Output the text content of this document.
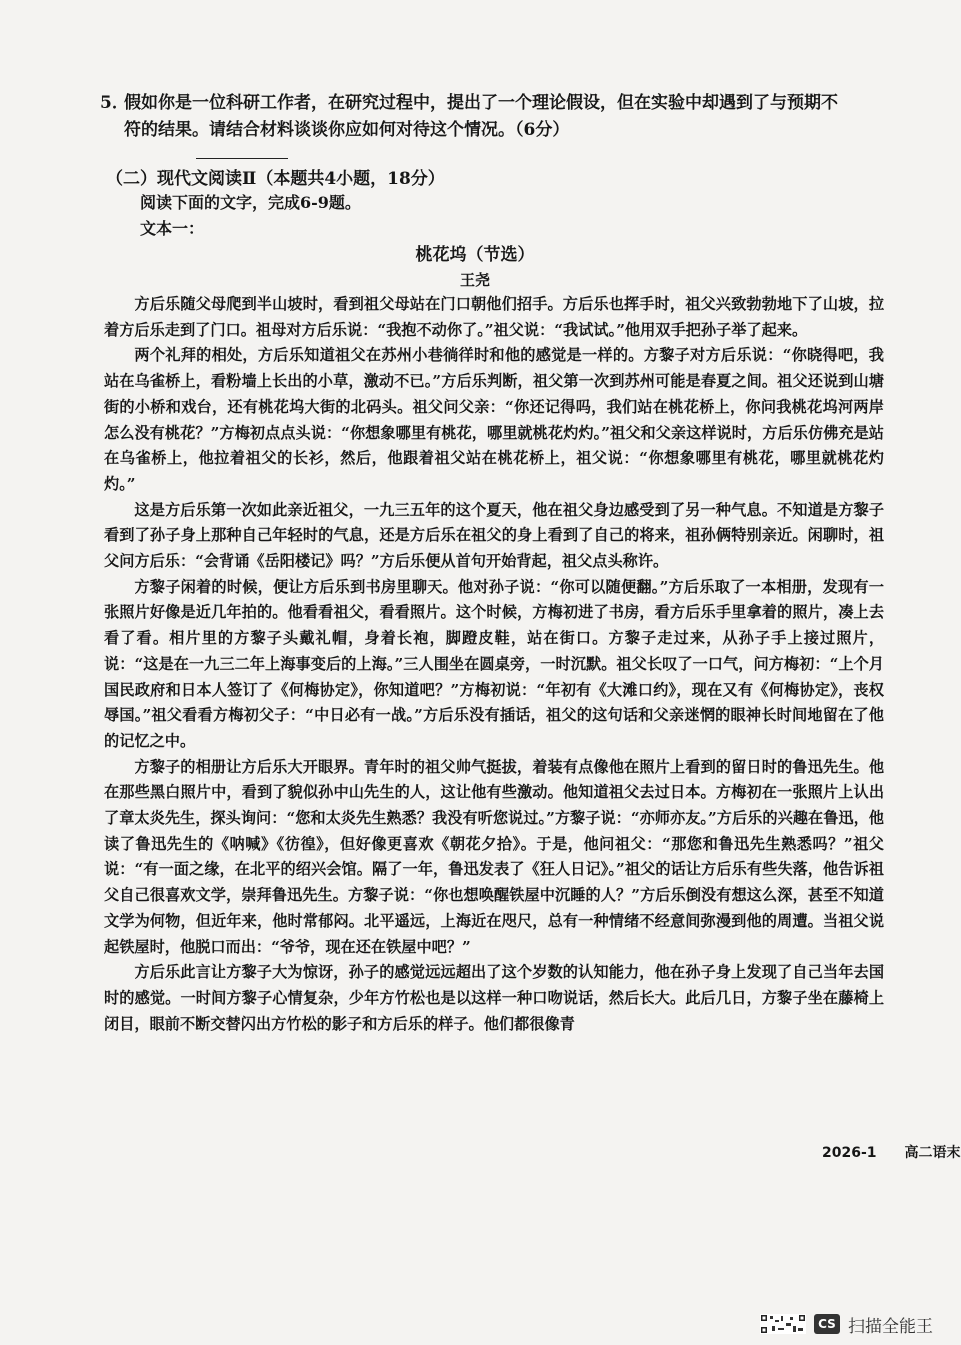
5．假如你是一位科研工作者，在研究过程中，提出了一个理论假设，但在实验中却遇到了与预期不
符的结果。请结合材料谈谈你应如何对待这个情况。（6分）
（二）现代文阅读Ⅱ（本题共4小题，18分）
阅读下面的文字，完成6-9题。
文本一：
桃花坞（节选）
王尧

方后乐随父母爬到半山坡时，看到祖父母站在门口朝他们招手。方后乐也挥手时，祖父兴致勃勃地下了山坡，拉着方后乐走到了门口。祖母对方后乐说：“我抱不动你了。”祖父说：“我试试。”他用双手把孙子举了起来。

两个礼拜的相处，方后乐知道祖父在苏州小巷徜徉时和他的感觉是一样的。方黎子对方后乐说：“你晓得吧，我站在乌雀桥上，看粉墙上长出的小草，激动不已。”方后乐判断，祖父第一次到苏州可能是春夏之间。祖父还说到山塘街的小桥和戏台，还有桃花坞大街的北码头。祖父问父亲：“你还记得吗，我们站在桃花桥上，你问我桃花坞河两岸怎么没有桃花？”方梅初点点头说：“你想象哪里有桃花，哪里就桃花灼灼。”祖父和父亲这样说时，方后乐仿佛充是站在乌雀桥上，他拉着祖父的长衫，然后，他跟着祖父站在桃花桥上，祖父说：“你想象哪里有桃花，哪里就桃花灼灼。”

这是方后乐第一次如此亲近祖父，一九三五年的这个夏天，他在祖父身边感受到了另一种气息。不知道是方黎子看到了孙子身上那种自己年轻时的气息，还是方后乐在祖父的身上看到了自己的将来，祖孙俩特别亲近。闲聊时，祖父问方后乐：“会背诵《岳阳楼记》吗？”方后乐便从首句开始背起，祖父点头称许。

方黎子闲着的时候，便让方后乐到书房里聊天。他对孙子说：“你可以随便翻。”方后乐取了一本相册，发现有一张照片好像是近几年拍的。他看看祖父，看看照片。这个时候，方梅初进了书房，看方后乐手里拿着的照片，凑上去看了看。相片里的方黎子头戴礼帽，身着长袍，脚蹬皮鞋，站在街口。方黎子走过来，从孙子手上接过照片，说：“这是在一九三二年上海事变后的上海。”三人围坐在圆桌旁，一时沉默。祖父长叹了一口气，问方梅初：“上个月国民政府和日本人签订了《何梅协定》，你知道吧？”方梅初说：“年初有《大滩口约》，现在又有《何梅协定》，丧权辱国。”祖父看看方梅初父子：“中日必有一战。”方后乐没有插话，祖父的这句话和父亲迷惘的眼神长时间地留在了他的记忆之中。

方黎子的相册让方后乐大开眼界。青年时的祖父帅气挺拔，着装有点像他在照片上看到的留日时的鲁迅先生。他在那些黑白照片中，看到了貌似孙中山先生的人，这让他有些激动。他知道祖父去过日本。方梅初在一张照片上认出了章太炎先生，探头询问：“您和太炎先生熟悉？我没有听您说过。”方黎子说：“亦师亦友。”方后乐的兴趣在鲁迅，他读了鲁迅先生的《呐喊》《彷徨》，但好像更喜欢《朝花夕拾》。于是，他问祖父：“那您和鲁迅先生熟悉吗？”祖父说：“有一面之缘，在北平的绍兴会馆。隔了一年，鲁迅发表了《狂人日记》。”祖父的话让方后乐有些失落，他告诉祖父自己很喜欢文学，崇拜鲁迅先生。方黎子说：“你也想唤醒铁屋中沉睡的人？”方后乐倒没有想这么深，甚至不知道文学为何物，但近年来，他时常郁闷。北平遥远，上海近在咫尺，总有一种情绪不经意间弥漫到他的周遭。当祖父说起铁屋时，他脱口而出：“爷爷，现在还在铁屋中吧？”

方后乐此言让方黎子大为惊讶，孙子的感觉远远超出了这个岁数的认知能力，他在孙子身上发现了自己当年去国时的感觉。一时间方黎子心情复杂，少年方竹松也是以这样一种口吻说话，然后长大。此后几日，方黎子坐在藤椅上闭目，眼前不断交替闪出方竹松的影子和方后乐的样子。他们都很像青

2026-1 高二语末
CS 扫描全能王
